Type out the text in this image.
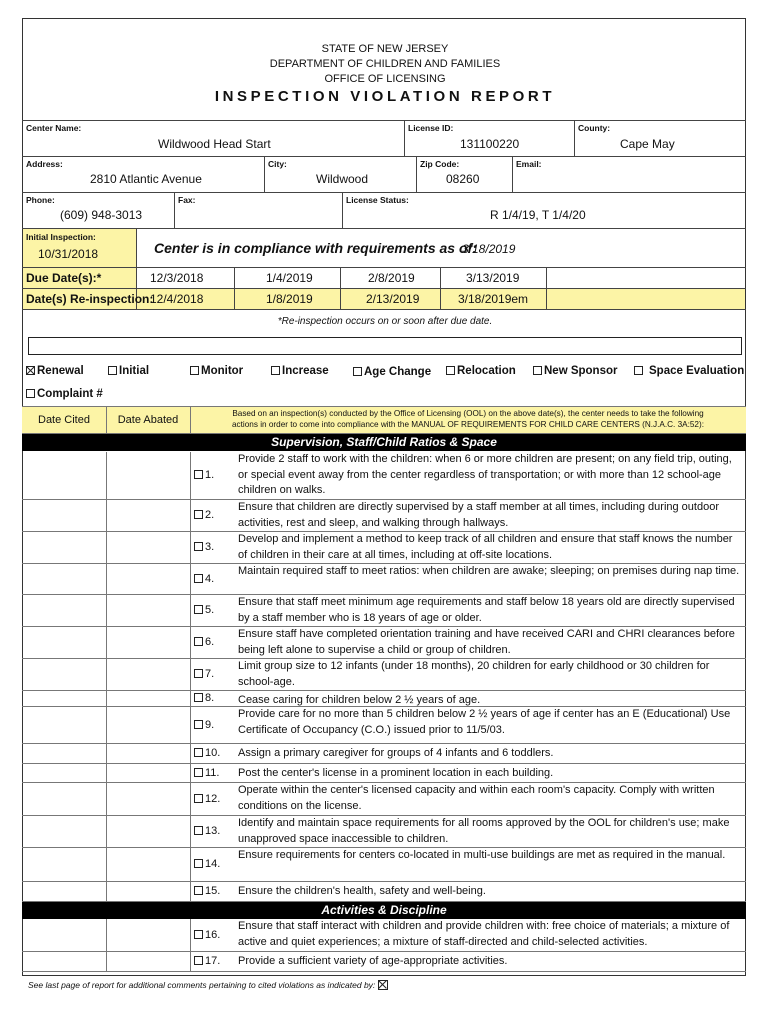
STATE OF NEW JERSEY
DEPARTMENT OF CHILDREN AND FAMILIES
OFFICE OF LICENSING
INSPECTION VIOLATION REPORT
Center Name:
Wildwood Head Start
License ID:
131100220
County:
Cape May
Address:
2810 Atlantic Avenue
City:
Wildwood
Zip Code:
08260
Email:
Phone:
(609) 948-3013
Fax:	License Status:
R 1/4/19, T 1/4/20
Initial Inspection:
10/31/2018	Center is in compliance with requirements as of:
3/18/2019
Due Date(s):*	12/3/2018	1/4/2019	2/8/2019	3/13/2019
Date(s) Re-inspection:
12/4/2018	1/8/2019	2/13/2019	3/18/2019em
*Re-inspection occurs on or soon after due date.
Renewal	Initial	Monitor	Increase	Age Change	Relocation	New Sponsor	Space Evaluation
Complaint #
Date Cited	Date Abated
Based on an inspection(s) conducted by the Office of Licensing (OOL) on the above date(s), the center needs to take the following
actions in order to come into compliance with the MANUAL OF REQUIREMENTS FOR CHILD CARE CENTERS (N.J.A.C. 3A:52):
Supervision, Staff/Child Ratios & Space
1.
Provide 2 staff to work with the children: when 6 or more children are present; on any field trip, outing, or special event away from the center regardless of transportation; or with more than 12 school-age children on walks.
2.
Ensure that children are directly supervised by a staff member at all times, including during outdoor activities, rest and sleep, and walking through hallways.
3.
Develop and implement a method to keep track of all children and ensure that staff knows the number of children in their care at all times, including at off-site locations.
4.
Maintain required staff to meet ratios: when children are awake; sleeping; on premises during nap time.
5.
Ensure that staff meet minimum age requirements and staff below 18 years old are directly supervised by a staff member who is 18 years of age or older.
6.
Ensure staff have completed orientation training and have received CARI and CHRI clearances before being left alone to supervise a child or group of children.
7.
Limit group size to 12 infants (under 18 months), 20 children for early childhood or 30 children for school-age.
8. Cease caring for children below 2 ½ years of age.
9.
Provide care for no more than 5 children below 2 ½ years of age if center has an E (Educational) Use Certificate of Occupancy (C.O.) issued prior to 11/5/03.
10. Assign a primary caregiver for groups of 4 infants and 6 toddlers.
11. Post the center's license in a prominent location in each building.
12.
Operate within the center's licensed capacity and within each room's capacity. Comply with written conditions on the license.
13.
Identify and maintain space requirements for all rooms approved by the OOL for children's use; make unapproved space inaccessible to children.
14.
Ensure requirements for centers co-located in multi-use buildings are met as required in the manual.
15. Ensure the children's health, safety and well-being.
Activities & Discipline
16.
Ensure that staff interact with children and provide children with: free choice of materials; a mixture of active and quiet experiences; a mixture of staff-directed and child-selected activities.
17. Provide a sufficient variety of age-appropriate activities.
See last page of report for additional comments pertaining to cited violations as indicated by:
